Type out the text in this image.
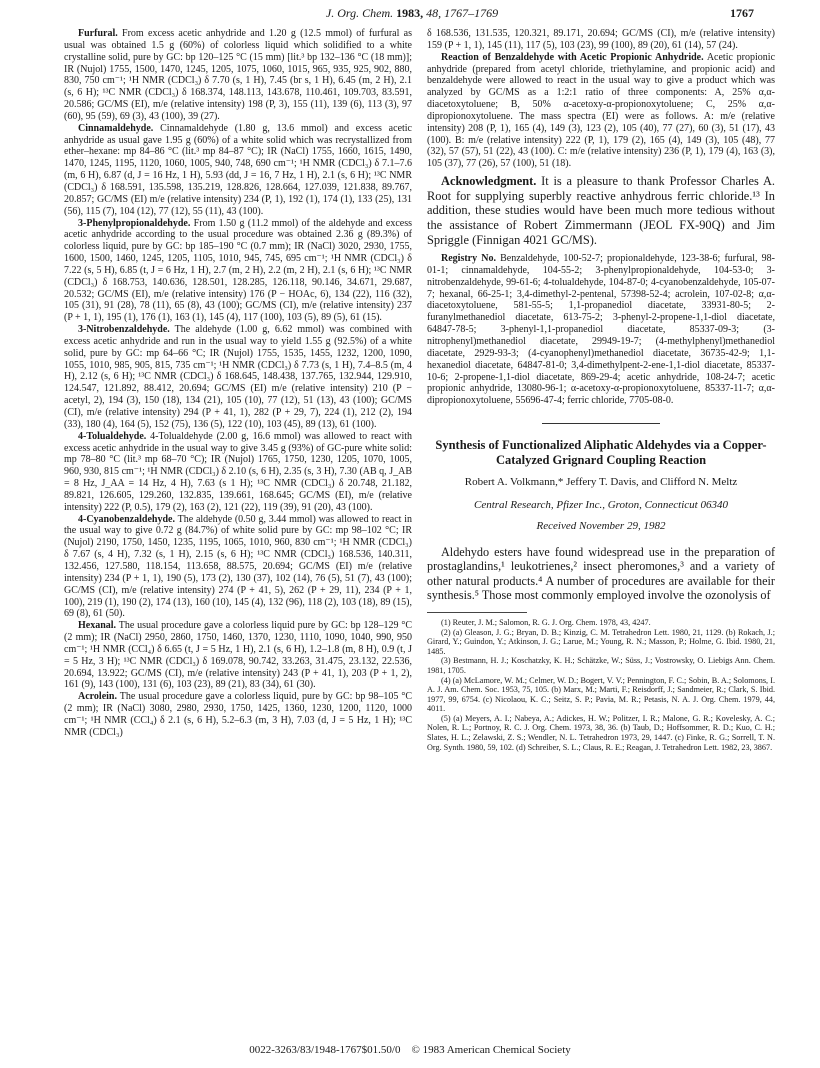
J. Org. Chem. 1983, 48, 1767–1769	1767

Furfural. From excess acetic anhydride and 1.20 g (12.5 mmol) of furfural as usual was obtained 1.5 g (60%) of colorless liquid which solidified to a white crystalline solid, pure by GC: bp 120–125 °C (15 mm) [lit.³ bp 132–136 °C (18 mm)]; IR (Nujol) 1755, 1500, 1470, 1245, 1205, 1075, 1060, 1015, 965, 935, 925, 902, 880, 830, 750 cm⁻¹; ¹H NMR (CDCl₃) δ 7.70 (s, 1 H), 7.45 (br s, 1 H), 6.45 (m, 2 H), 2.1 (s, 6 H); ¹³C NMR (CDCl₃) δ 168.374, 148.113, 143.678, 110.461, 109.703, 83.591, 20.586; GC/MS (EI), m/e (relative intensity) 198 (P, 3), 155 (11), 139 (6), 113 (3), 97 (60), 95 (59), 69 (3), 43 (100), 39 (27).

Cinnamaldehyde. Cinnamaldehyde (1.80 g, 13.6 mmol) and excess acetic anhydride as usual gave 1.95 g (60%) of a white solid which was recrystallized from ether–hexane: mp 84–86 °C (lit.³ mp 84–87 °C); IR (NaCl) 1755, 1660, 1615, 1490, 1470, 1245, 1195, 1120, 1060, 1005, 940, 748, 690 cm⁻¹; ¹H NMR (CDCl₃) δ 7.1–7.6 (m, 6 H), 6.87 (d, J = 16 Hz, 1 H), 5.93 (dd, J = 16, 7 Hz, 1 H), 2.1 (s, 6 H); ¹³C NMR (CDCl₃) δ 168.591, 135.598, 135.219, 128.826, 128.664, 127.039, 121.838, 89.767, 20.857; GC/MS (EI) m/e (relative intensity) 234 (P, 1), 192 (1), 174 (1), 133 (25), 131 (56), 115 (7), 104 (12), 77 (12), 55 (11), 43 (100).

3-Phenylpropionaldehyde. From 1.50 g (11.2 mmol) of the aldehyde and excess acetic anhydride according to the usual procedure was obtained 2.36 g (89.3%) of colorless liquid, pure by GC: bp 185–190 °C (0.7 mm); IR (NaCl) 3020, 2930, 1755, 1600, 1500, 1460, 1245, 1205, 1105, 1010, 945, 745, 695 cm⁻¹; ¹H NMR (CDCl₃) δ 7.22 (s, 5 H), 6.85 (t, J = 6 Hz, 1 H), 2.7 (m, 2 H), 2.2 (m, 2 H), 2.1 (s, 6 H); ¹³C NMR (CDCl₃) δ 168.753, 140.636, 128.501, 128.285, 126.118, 90.146, 34.671, 29.687, 20.532; GC/MS (EI), m/e (relative intensity) 176 (P − HOAc, 6), 134 (22), 116 (32), 105 (31), 91 (28), 78 (11), 65 (8), 43 (100); GC/MS (CI), m/e (relative intensity) 237 (P + 1, 1), 195 (1), 176 (1), 163 (1), 145 (4), 117 (100), 103 (5), 89 (5), 61 (15).

3-Nitrobenzaldehyde. The aldehyde (1.00 g, 6.62 mmol) was combined with excess acetic anhydride and run in the usual way to yield 1.55 g (92.5%) of a white solid, pure by GC: mp 64–66 °C; IR (Nujol) 1755, 1535, 1455, 1232, 1200, 1090, 1055, 1010, 985, 905, 815, 735 cm⁻¹; ¹H NMR (CDCl₃) δ 7.73 (s, 1 H), 7.4–8.5 (m, 4 H), 2.12 (s, 6 H); ¹³C NMR (CDCl₃) δ 168.645, 148.438, 137.765, 132.944, 129.910, 124.547, 121.892, 88.412, 20.694; GC/MS (EI) m/e (relative intensity) 210 (P − acetyl, 2), 194 (3), 150 (18), 134 (21), 105 (10), 77 (12), 51 (13), 43 (100); GC/MS (CI), m/e (relative intensity) 294 (P + 41, 1), 282 (P + 29, 7), 224 (1), 212 (2), 194 (33), 180 (4), 164 (5), 152 (75), 136 (5), 122 (10), 103 (45), 89 (13), 61 (100).

4-Tolualdehyde. 4-Tolualdehyde (2.00 g, 16.6 mmol) was allowed to react with excess acetic anhydride in the usual way to give 3.45 g (93%) of GC-pure white solid: mp 78–80 °C (lit.³ mp 68–70 °C); IR (Nujol) 1765, 1750, 1230, 1205, 1070, 1005, 960, 930, 815 cm⁻¹; ¹H NMR (CDCl₃) δ 2.10 (s, 6 H), 2.35 (s, 3 H), 7.30 (AB q, J_AB = 8 Hz, J_AA = 14 Hz, 4 H), 7.63 (s 1 H); ¹³C NMR (CDCl₃) δ 20.748, 21.182, 89.821, 126.605, 129.260, 132.835, 139.661, 168.645; GC/MS (EI), m/e (relative intensity) 222 (P, 0.5), 179 (2), 163 (2), 121 (22), 119 (39), 91 (20), 43 (100).

4-Cyanobenzaldehyde. The aldehyde (0.50 g, 3.44 mmol) was allowed to react in the usual way to give 0.72 g (84.7%) of white solid pure by GC: mp 98–102 °C; IR (Nujol) 2190, 1750, 1450, 1235, 1195, 1065, 1010, 960, 830 cm⁻¹; ¹H NMR (CDCl₃) δ 7.67 (s, 4 H), 7.32 (s, 1 H), 2.15 (s, 6 H); ¹³C NMR (CDCl₃) 168.536, 140.311, 132.456, 127.580, 118.154, 113.658, 88.575, 20.694; GC/MS (EI) m/e (relative intensity) 234 (P + 1, 1), 190 (5), 173 (2), 130 (37), 102 (14), 76 (5), 51 (7), 43 (100); GC/MS (CI), m/e (relative intensity) 274 (P + 41, 5), 262 (P + 29, 11), 234 (P + 1, 100), 219 (1), 190 (2), 174 (13), 160 (10), 145 (4), 132 (96), 118 (2), 103 (18), 89 (15), 69 (8), 61 (50).

Hexanal. The usual procedure gave a colorless liquid pure by GC: bp 128–129 °C (2 mm); IR (NaCl) 2950, 2860, 1750, 1460, 1370, 1230, 1110, 1090, 1040, 990, 950 cm⁻¹; ¹H NMR (CCl₄) δ 6.65 (t, J = 5 Hz, 1 H), 2.1 (s, 6 H), 1.2–1.8 (m, 8 H), 0.9 (t, J = 5 Hz, 3 H); ¹³C NMR (CDCl₃) δ 169.078, 90.742, 33.263, 31.475, 23.132, 22.536, 20.694, 13.922; GC/MS (CI), m/e (relative intensity) 243 (P + 41, 1), 203 (P + 1, 2), 161 (9), 143 (100), 131 (6), 103 (23), 89 (21), 83 (34), 61 (30).

Acrolein. The usual procedure gave a colorless liquid, pure by GC: bp 98–105 °C (2 mm); IR (NaCl) 3080, 2980, 2930, 1750, 1425, 1360, 1230, 1200, 1120, 1000 cm⁻¹; ¹H NMR (CCl₄) δ 2.1 (s, 6 H), 5.2–6.3 (m, 3 H), 7.03 (d, J = 5 Hz, 1 H); ¹³C NMR (CDCl₃)

δ 168.536, 131.535, 120.321, 89.171, 20.694; GC/MS (CI), m/e (relative intensity) 159 (P + 1, 1), 145 (11), 117 (5), 103 (23), 99 (100), 89 (20), 61 (14), 57 (24).

Reaction of Benzaldehyde with Acetic Propionic Anhydride. Acetic propionic anhydride (prepared from acetyl chloride, triethylamine, and propionic acid) and benzaldehyde were allowed to react in the usual way to give a product which was analyzed by GC/MS as a 1:2:1 ratio of three components: A, 25% α,α-diacetoxytoluene; B, 50% α-acetoxy-α-propionoxytoluene; C, 25% α,α-dipropionoxytoluene. The mass spectra (EI) were as follows. A: m/e (relative intensity) 208 (P, 1), 165 (4), 149 (3), 123 (2), 105 (40), 77 (27), 60 (3), 51 (17), 43 (100). B: m/e (relative intensity) 222 (P, 1), 179 (2), 165 (4), 149 (3), 105 (48), 77 (32), 57 (57), 51 (22), 43 (100). C: m/e (relative intensity) 236 (P, 1), 179 (4), 163 (3), 105 (37), 77 (26), 57 (100), 51 (18).

Acknowledgment. It is a pleasure to thank Professor Charles A. Root for supplying superbly reactive anhydrous ferric chloride.¹³ In addition, these studies would have been much more tedious without the assistance of Robert Zimmermann (JEOL FX-90Q) and Jim Spriggle (Finnigan 4021 GC/MS).

Registry No. Benzaldehyde, 100-52-7; propionaldehyde, 123-38-6; furfural, 98-01-1; cinnamaldehyde, 104-55-2; 3-phenylpropionaldehyde, 104-53-0; 3-nitrobenzaldehyde, 99-61-6; 4-tolualdehyde, 104-87-0; 4-cyanobenzaldehyde, 105-07-7; hexanal, 66-25-1; 3,4-dimethyl-2-pentenal, 57398-52-4; acrolein, 107-02-8; α,α-diacetoxytoluene, 581-55-5; 1,1-propanediol diacetate, 33931-80-5; 2-furanylmethanediol diacetate, 613-75-2; 3-phenyl-2-propene-1,1-diol diacetate, 64847-78-5; 3-phenyl-1,1-propanediol diacetate, 85337-09-3; (3-nitrophenyl)methanediol diacetate, 29949-19-7; (4-methylphenyl)methanediol diacetate, 2929-93-3; (4-cyanophenyl)methanediol diacetate, 36735-42-9; 1,1-hexanediol diacetate, 64847-81-0; 3,4-dimethylpent-2-ene-1,1-diol diacetate, 85337-10-6; 2-propene-1,1-diol diacetate, 869-29-4; acetic anhydride, 108-24-7; acetic propionic anhydride, 13080-96-1; α-acetoxy-α-propionoxytoluene, 85337-11-7; α,α-dipropionoxytoluene, 55696-47-4; ferric chloride, 7705-08-0.

Synthesis of Functionalized Aliphatic Aldehydes via a Copper-Catalyzed Grignard Coupling Reaction
Robert A. Volkmann,* Jeffery T. Davis, and Clifford N. Meltz
Central Research, Pfizer Inc., Groton, Connecticut 06340
Received November 29, 1982

Aldehydo esters have found widespread use in the preparation of prostaglandins,¹ leukotrienes,² insect pheromones,³ and a variety of other natural products.⁴ A number of procedures are available for their synthesis.⁵ Those most commonly employed involve the ozonolysis of

(1) Reuter, J. M.; Salomon, R. G. J. Org. Chem. 1978, 43, 4247.

(2) (a) Gleason, J. G.; Bryan, D. B.; Kinzig, C. M. Tetrahedron Lett. 1980, 21, 1129. (b) Rokach, J.; Girard, Y.; Guindon, Y.; Atkinson, J. G.; Larue, M.; Young, R. N.; Masson, P.; Holme, G. Ibid. 1980, 21, 1485.

(3) Bestmann, H. J.; Koschatzky, K. H.; Schätzke, W.; Süss, J.; Vostrowsky, O. Liebigs Ann. Chem. 1981, 1705.

(4) (a) McLamore, W. M.; Celmer, W. D.; Bogert, V. V.; Pennington, F. C.; Sobin, B. A.; Solomons, I. A. J. Am. Chem. Soc. 1953, 75, 105. (b) Marx, M.; Marti, F.; Reisdorff, J.; Sandmeier, R.; Clark, S. Ibid. 1977, 99, 6754. (c) Nicolaou, K. C.; Seitz, S. P.; Pavia, M. R.; Petasis, N. A. J. Org. Chem. 1979, 44, 4011.

(5) (a) Meyers, A. I.; Nabeya, A.; Adickes, H. W.; Politzer, I. R.; Malone, G. R.; Kovelesky, A. C.; Nolen, R. L.; Portnoy, R. C. J. Org. Chem. 1973, 38, 36. (b) Taub, D.; Hoffsommer, R. D.; Kuo, C. H.; Slates, H. L.; Zelawski, Z. S.; Wendler, N. L. Tetrahedron 1973, 29, 1447. (c) Finke, R. G.; Sorrell, T. N. Org. Synth. 1980, 59, 102. (d) Schreiber, S. L.; Claus, R. E.; Reagan, J. Tetrahedron Lett. 1982, 23, 3867.

0022-3263/83/1948-1767$01.50/0 © 1983 American Chemical Society
